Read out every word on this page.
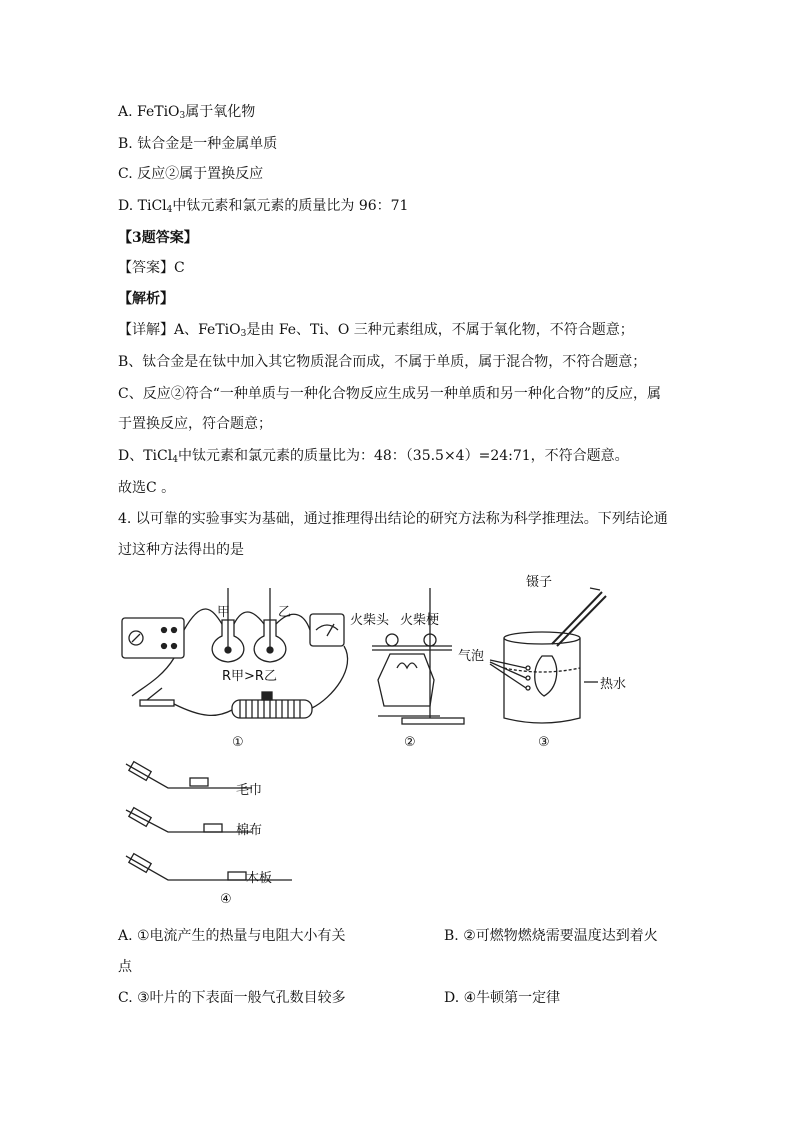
A. FeTiO$_3$属于氧化物
B. 钛合金是一种金属单质
C. 反应②属于置换反应
D. TiCl$_4$中钛元素和氯元素的质量比为 96：71
【3题答案】
【答案】C
【解析】
【详解】A、FeTiO$_3$是由 Fe、Ti、O 三种元素组成，不属于氧化物，不符合题意；
B、钛合金是在钛中加入其它物质混合而成，不属于单质，属于混合物，不符合题意；
C、反应②符合“一种单质与一种化合物反应生成另一种单质和另一种化合物”的反应，属
于置换反应，符合题意；
D、TiCl$_4$中钛元素和氯元素的质量比为：48：（35.5×4）=24:71，不符合题意。
故选C 。
4. 以可靠的实验事实为基础，通过推理得出结论的研究方法称为科学推理法。下列结论通
过这种方法得出的是
甲	乙
R甲>R乙
①
火柴头 火柴梗
②
镊子
气泡
热水
③
毛巾
棉布
木板
④
A. ①电流产生的热量与电阻大小有关	B. ②可燃物燃烧需要温度达到着火
点
C. ③叶片的下表面一般气孔数目较多	D. ④牛顿第一定律
